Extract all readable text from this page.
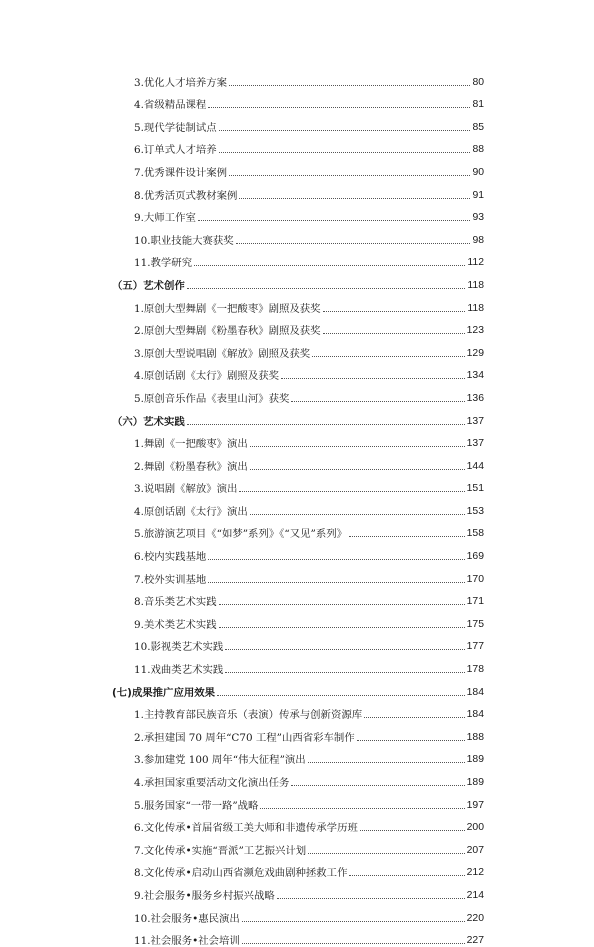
3.优化人才培养方案	80
4.省级精品课程	81
5.现代学徒制试点	85
6.订单式人才培养	88
7.优秀课件设计案例	90
8.优秀活页式教材案例	91
9.大师工作室	93
10.职业技能大赛获奖	98
11.教学研究	112
（五）艺术创作	118
1.原创大型舞剧《一把酸枣》剧照及获奖	118
2.原创大型舞剧《粉墨春秋》剧照及获奖	123
3.原创大型说唱剧《解放》剧照及获奖	129
4.原创话剧《太行》剧照及获奖	134
5.原创音乐作品《表里山河》获奖	136
（六）艺术实践	137
1.舞剧《一把酸枣》演出	137
2.舞剧《粉墨春秋》演出	144
3.说唱剧《解放》演出	151
4.原创话剧《太行》演出	153
5.旅游演艺项目《“如梦”系列》《“又见”系列》	158
6.校内实践基地	169
7.校外实训基地	170
8.音乐类艺术实践	171
9.美术类艺术实践	175
10.影视类艺术实践	177
11.戏曲类艺术实践	178
(七)成果推广应用效果	184
1.主持教育部民族音乐（表演）传承与创新资源库	184
2.承担建国 70 周年“C70 工程”山西省彩车制作	188
3.参加建党 100 周年“伟大征程”演出	189
4.承担国家重要活动文化演出任务	189
5.服务国家“一带一路”战略	197
6.文化传承•首届省级工美大师和非遗传承学历班	200
7.文化传承•实施“晋派”工艺振兴计划	207
8.文化传承•启动山西省濒危戏曲剧种拯救工作	212
9.社会服务•服务乡村振兴战略	214
10.社会服务•惠民演出	220
11.社会服务•社会培训	227
